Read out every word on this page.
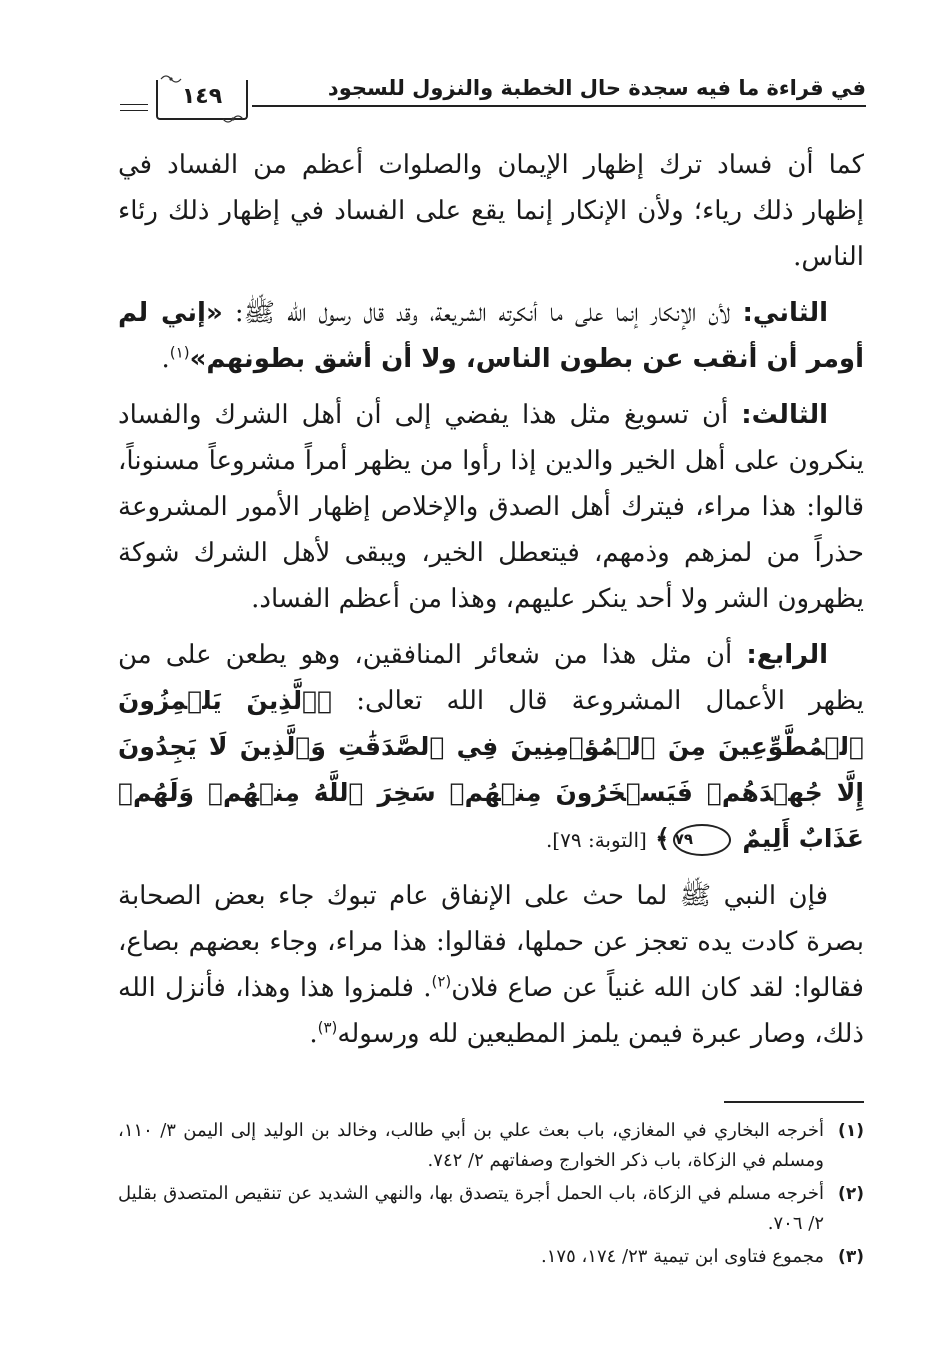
في قراءة ما فيه سجدة حال الخطبة والنزول للسجود
١٤٩

كما أن فساد ترك إظهار الإيمان والصلوات أعظم من الفساد في إظهار ذلك رياء؛ ولأن الإنكار إنما يقع على الفساد في إظهار ذلك رئاء الناس.

الثاني: لأن الإنكار إنما على ما أنكرته الشريعة، وقد قال رسول الله ﷺ: «إني لم أومر أن أنقب عن بطون الناس، ولا أن أشق بطونهم»$^{(١)}$.

الثالث: أن تسويغ مثل هذا يفضي إلى أن أهل الشرك والفساد ينكرون على أهل الخير والدين إذا رأوا من يظهر أمراً مشروعاً مسنوناً، قالوا: هذا مراء، فيترك أهل الصدق والإخلاص إظهار الأمور المشروعة حذراً من لمزهم وذمهم، فيتعطل الخير، ويبقى لأهل الشرك شوكة يظهرون الشر ولا أحد ينكر عليهم، وهذا من أعظم الفساد.

الرابع: أن مثل هذا من شعائر المنافقين، وهو يطعن على من يظهر الأعمال المشروعة قال الله تعالى: ﴿ٱلَّذِينَ يَلۡمِزُونَ ٱلۡمُطَّوِّعِينَ مِنَ ٱلۡمُؤۡمِنِينَ فِي ٱلصَّدَقَٰتِ وَٱلَّذِينَ لَا يَجِدُونَ إِلَّا جُهۡدَهُمۡ فَيَسۡخَرُونَ مِنۡهُمۡ سَخِرَ ٱللَّهُ مِنۡهُمۡ وَلَهُمۡ عَذَابٌ أَلِيمٌ ٧٩﴾ [التوبة: ٧٩].

فإن النبي ﷺ لما حث على الإنفاق عام تبوك جاء بعض الصحابة بصرة كادت يده تعجز عن حملها، فقالوا: هذا مراء، وجاء بعضهم بصاع، فقالوا: لقد كان الله غنياً عن صاع فلان$^{(٢)}$. فلمزوا هذا وهذا، فأنزل الله ذلك، وصار عبرة فيمن يلمز المطيعين لله ورسوله$^{(٣)}$.

(١)
أخرجه البخاري في المغازي، باب بعث علي بن أبي طالب، وخالد بن الوليد إلى اليمن ٣/ ١١٠، ومسلم في الزكاة، باب ذكر الخوارج وصفاتهم ٢/ ٧٤٢.

(٢)
أخرجه مسلم في الزكاة، باب الحمل أجرة يتصدق بها، والنهي الشديد عن تنقيص المتصدق بقليل ٢/ ٧٠٦.

(٣)
مجموع فتاوى ابن تيمية ٢٣/ ١٧٤، ١٧٥.
